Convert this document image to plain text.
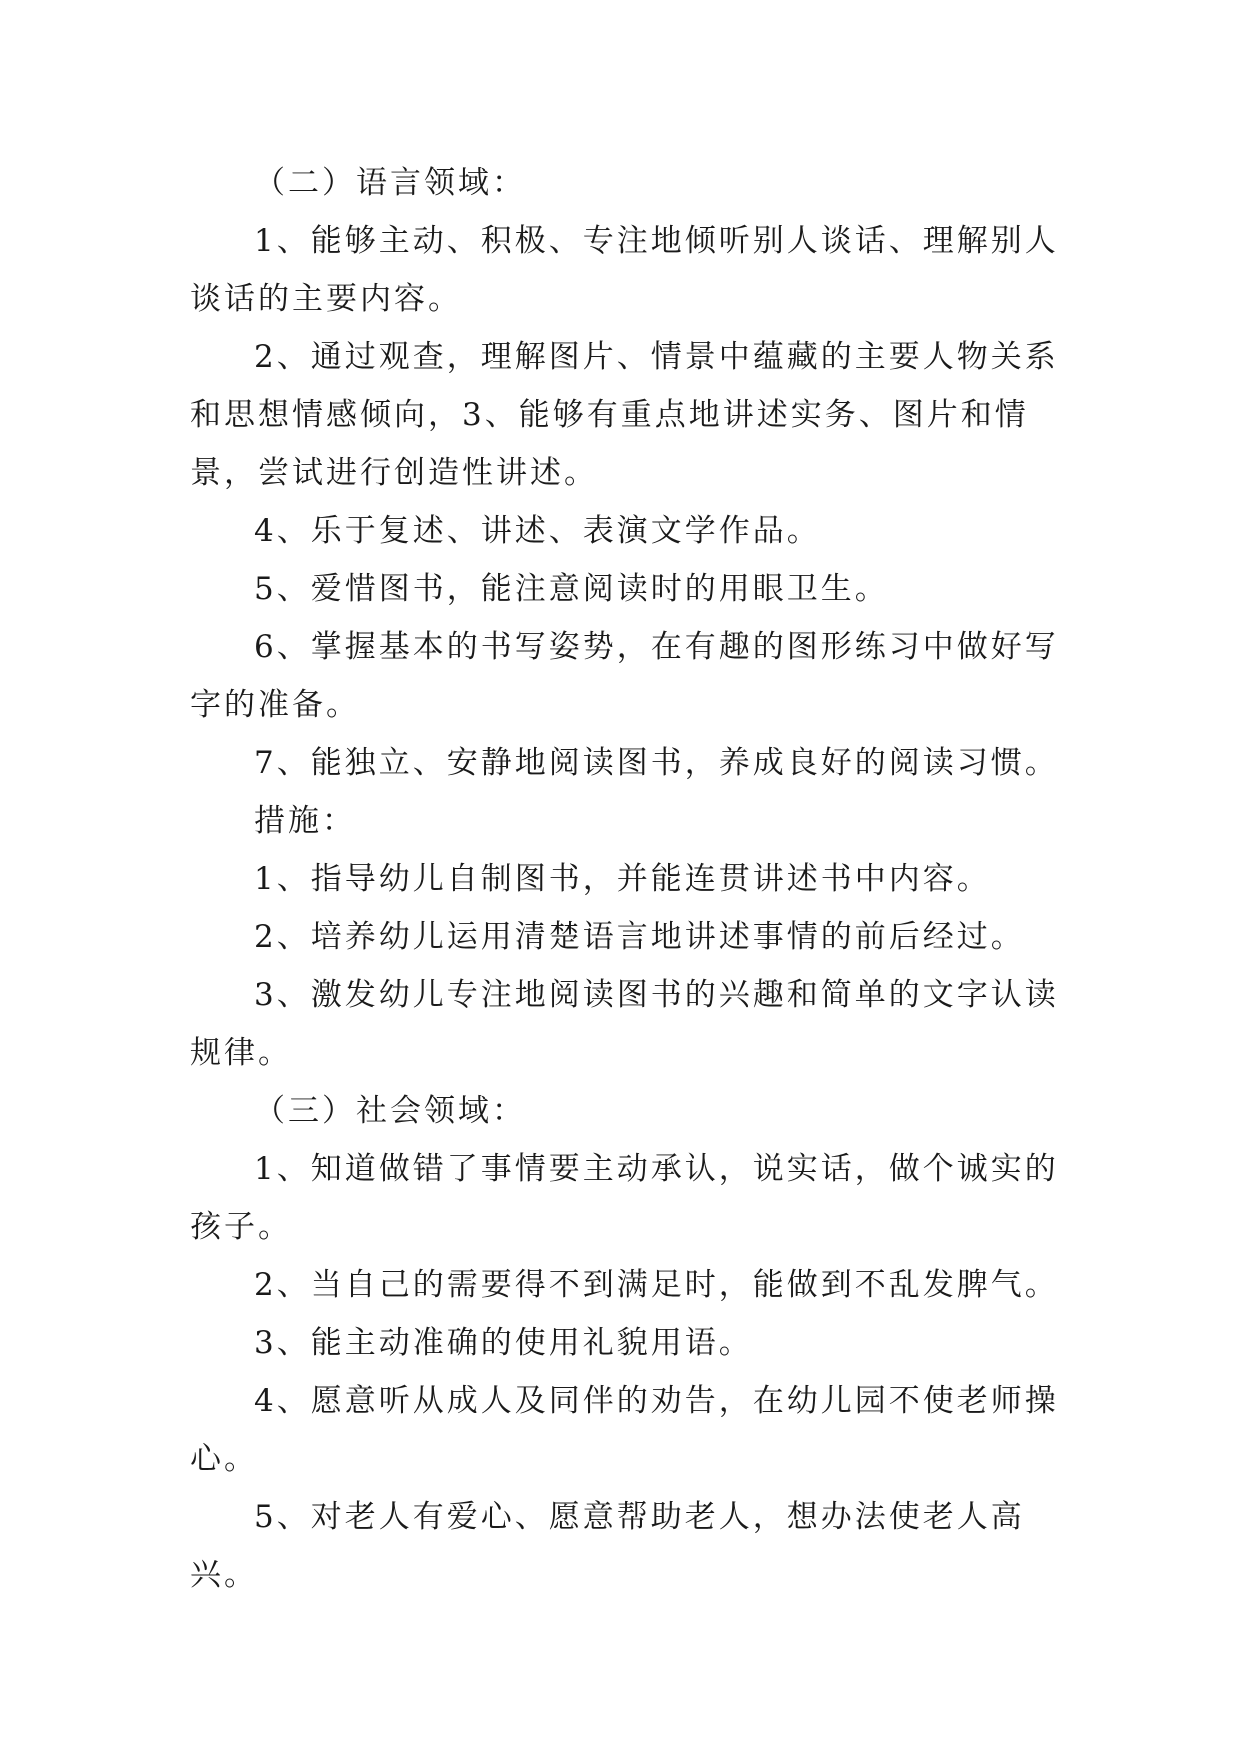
（二）语言领域：

1、能够主动、积极、专注地倾听别人谈话、理解别人谈话的主要内容。

2、通过观查，理解图片、情景中蕴藏的主要人物关系和思想情感倾向，3、能够有重点地讲述实务、图片和情景，尝试进行创造性讲述。

4、乐于复述、讲述、表演文学作品。

5、爱惜图书，能注意阅读时的用眼卫生。

6、掌握基本的书写姿势，在有趣的图形练习中做好写字的准备。

7、能独立、安静地阅读图书，养成良好的阅读习惯。

措施：

1、指导幼儿自制图书，并能连贯讲述书中内容。

2、培养幼儿运用清楚语言地讲述事情的前后经过。

3、激发幼儿专注地阅读图书的兴趣和简单的文字认读规律。

（三）社会领域：

1、知道做错了事情要主动承认，说实话，做个诚实的孩子。

2、当自己的需要得不到满足时，能做到不乱发脾气。

3、能主动准确的使用礼貌用语。

4、愿意听从成人及同伴的劝告，在幼儿园不使老师操心。

5、对老人有爱心、愿意帮助老人，想办法使老人高兴。
